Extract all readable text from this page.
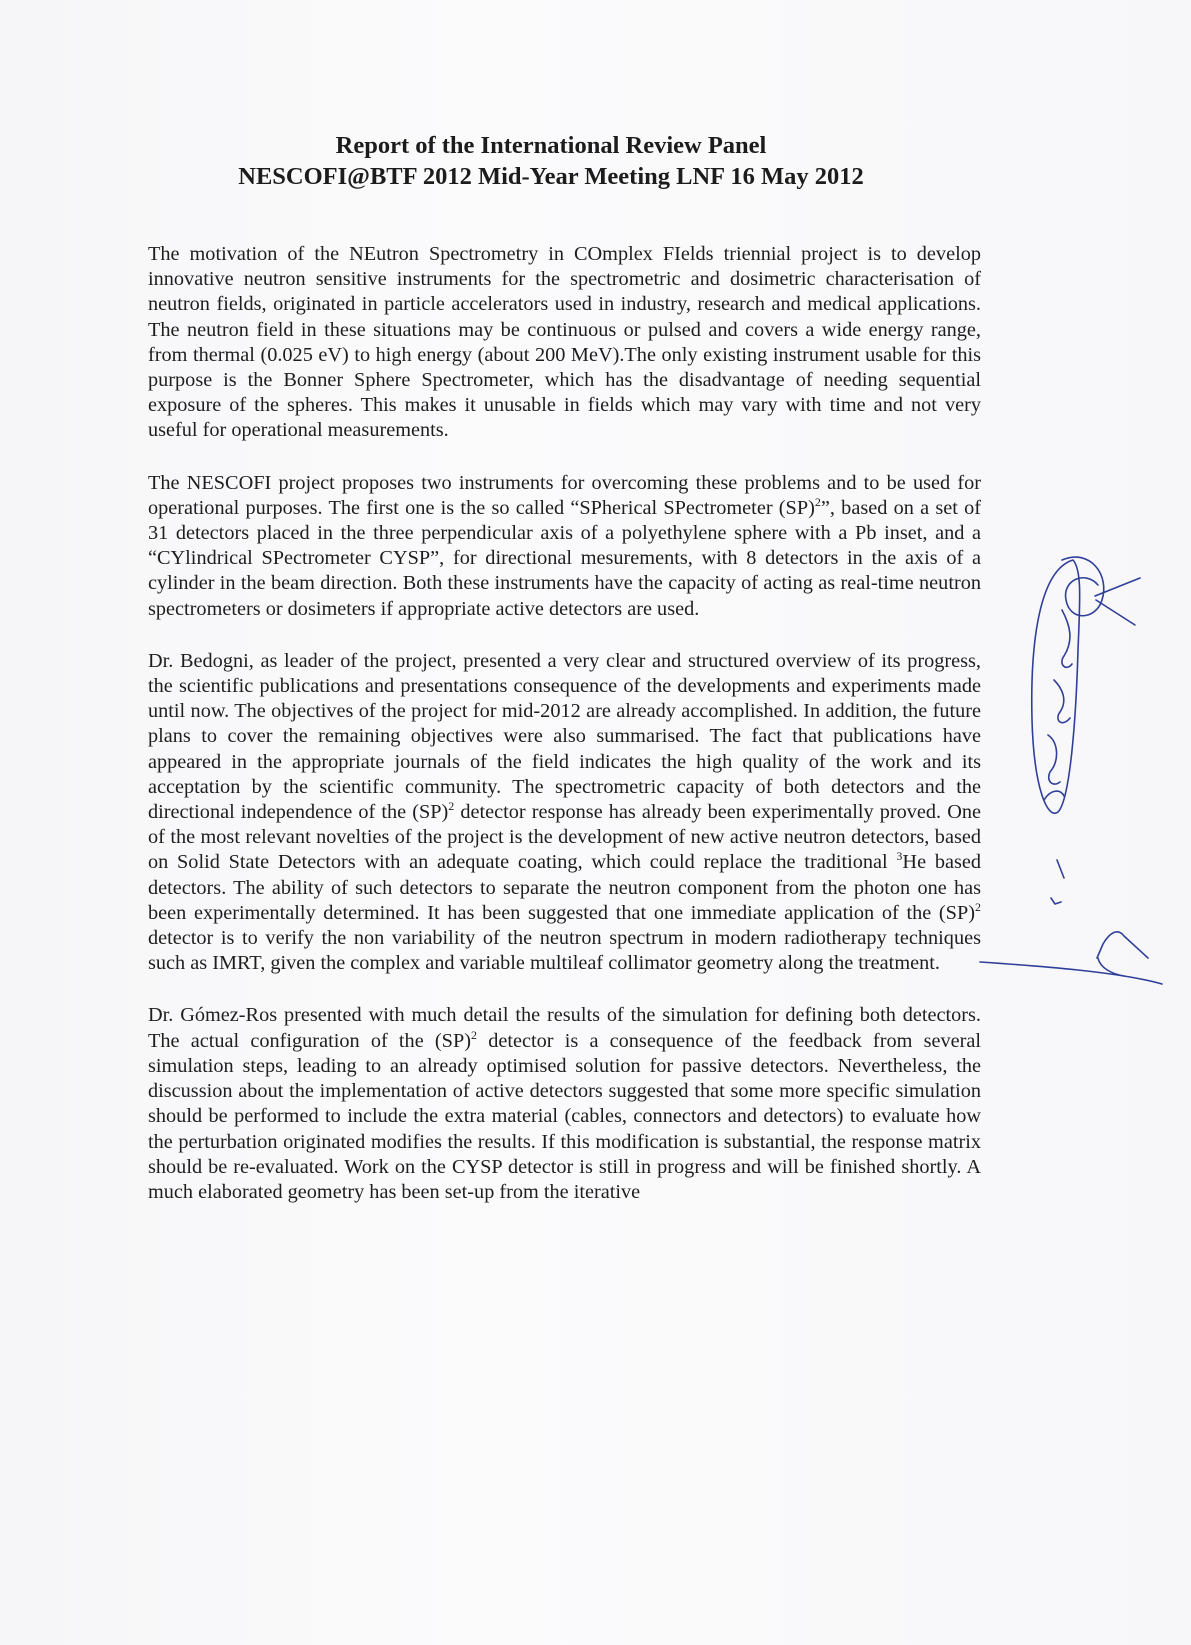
Report of the International Review Panel
NESCOFI@BTF 2012 Mid-Year Meeting LNF 16 May 2012

The motivation of the NEutron Spectrometry in COmplex FIelds triennial project is to develop innovative neutron sensitive instruments for the spectrometric and dosimetric characterisation of neutron fields, originated in particle accelerators used in industry, research and medical applications. The neutron field in these situations may be continuous or pulsed and covers a wide energy range, from thermal (0.025 eV) to high energy (about 200 MeV).The only existing instrument usable for this purpose is the Bonner Sphere Spectrometer, which has the disadvantage of needing sequential exposure of the spheres. This makes it unusable in fields which may vary with time and not very useful for operational measurements.

The NESCOFI project proposes two instruments for overcoming these problems and to be used for operational purposes. The first one is the so called “SPherical SPectrometer (SP)$^2$”, based on a set of 31 detectors placed in the three perpendicular axis of a polyethylene sphere with a Pb inset, and a “CYlindrical SPectrometer CYSP”, for directional mesurements, with 8 detectors in the axis of a cylinder in the beam direction. Both these instruments have the capacity of acting as real-time neutron spectrometers or dosimeters if appropriate active detectors are used.

Dr. Bedogni, as leader of the project, presented a very clear and structured overview of its progress, the scientific publications and presentations consequence of the developments and experiments made until now. The objectives of the project for mid-2012 are already accomplished. In addition, the future plans to cover the remaining objectives were also summarised. The fact that publications have appeared in the appropriate journals of the field indicates the high quality of the work and its acceptation by the scientific community. The spectrometric capacity of both detectors and the directional independence of the (SP)$^2$ detector response has already been experimentally proved. One of the most relevant novelties of the project is the development of new active neutron detectors, based on Solid State Detectors with an adequate coating, which could replace the traditional $^3$He based detectors. The ability of such detectors to separate the neutron component from the photon one has been experimentally determined. It has been suggested that one immediate application of the (SP)$^2$ detector is to verify the non variability of the neutron spectrum in modern radiotherapy techniques such as IMRT, given the complex and variable multileaf collimator geometry along the treatment.

Dr. Gómez-Ros presented with much detail the results of the simulation for defining both detectors. The actual configuration of the (SP)$^2$ detector is a consequence of the feedback from several simulation steps, leading to an already optimised solution for passive detectors. Nevertheless, the discussion about the implementation of active detectors suggested that some more specific simulation should be performed to include the extra material (cables, connectors and detectors) to evaluate how the perturbation originated modifies the results. If this modification is substantial, the response matrix should be re-evaluated. Work on the CYSP detector is still in progress and will be finished shortly. A much elaborated geometry has been set-up from the iterative
